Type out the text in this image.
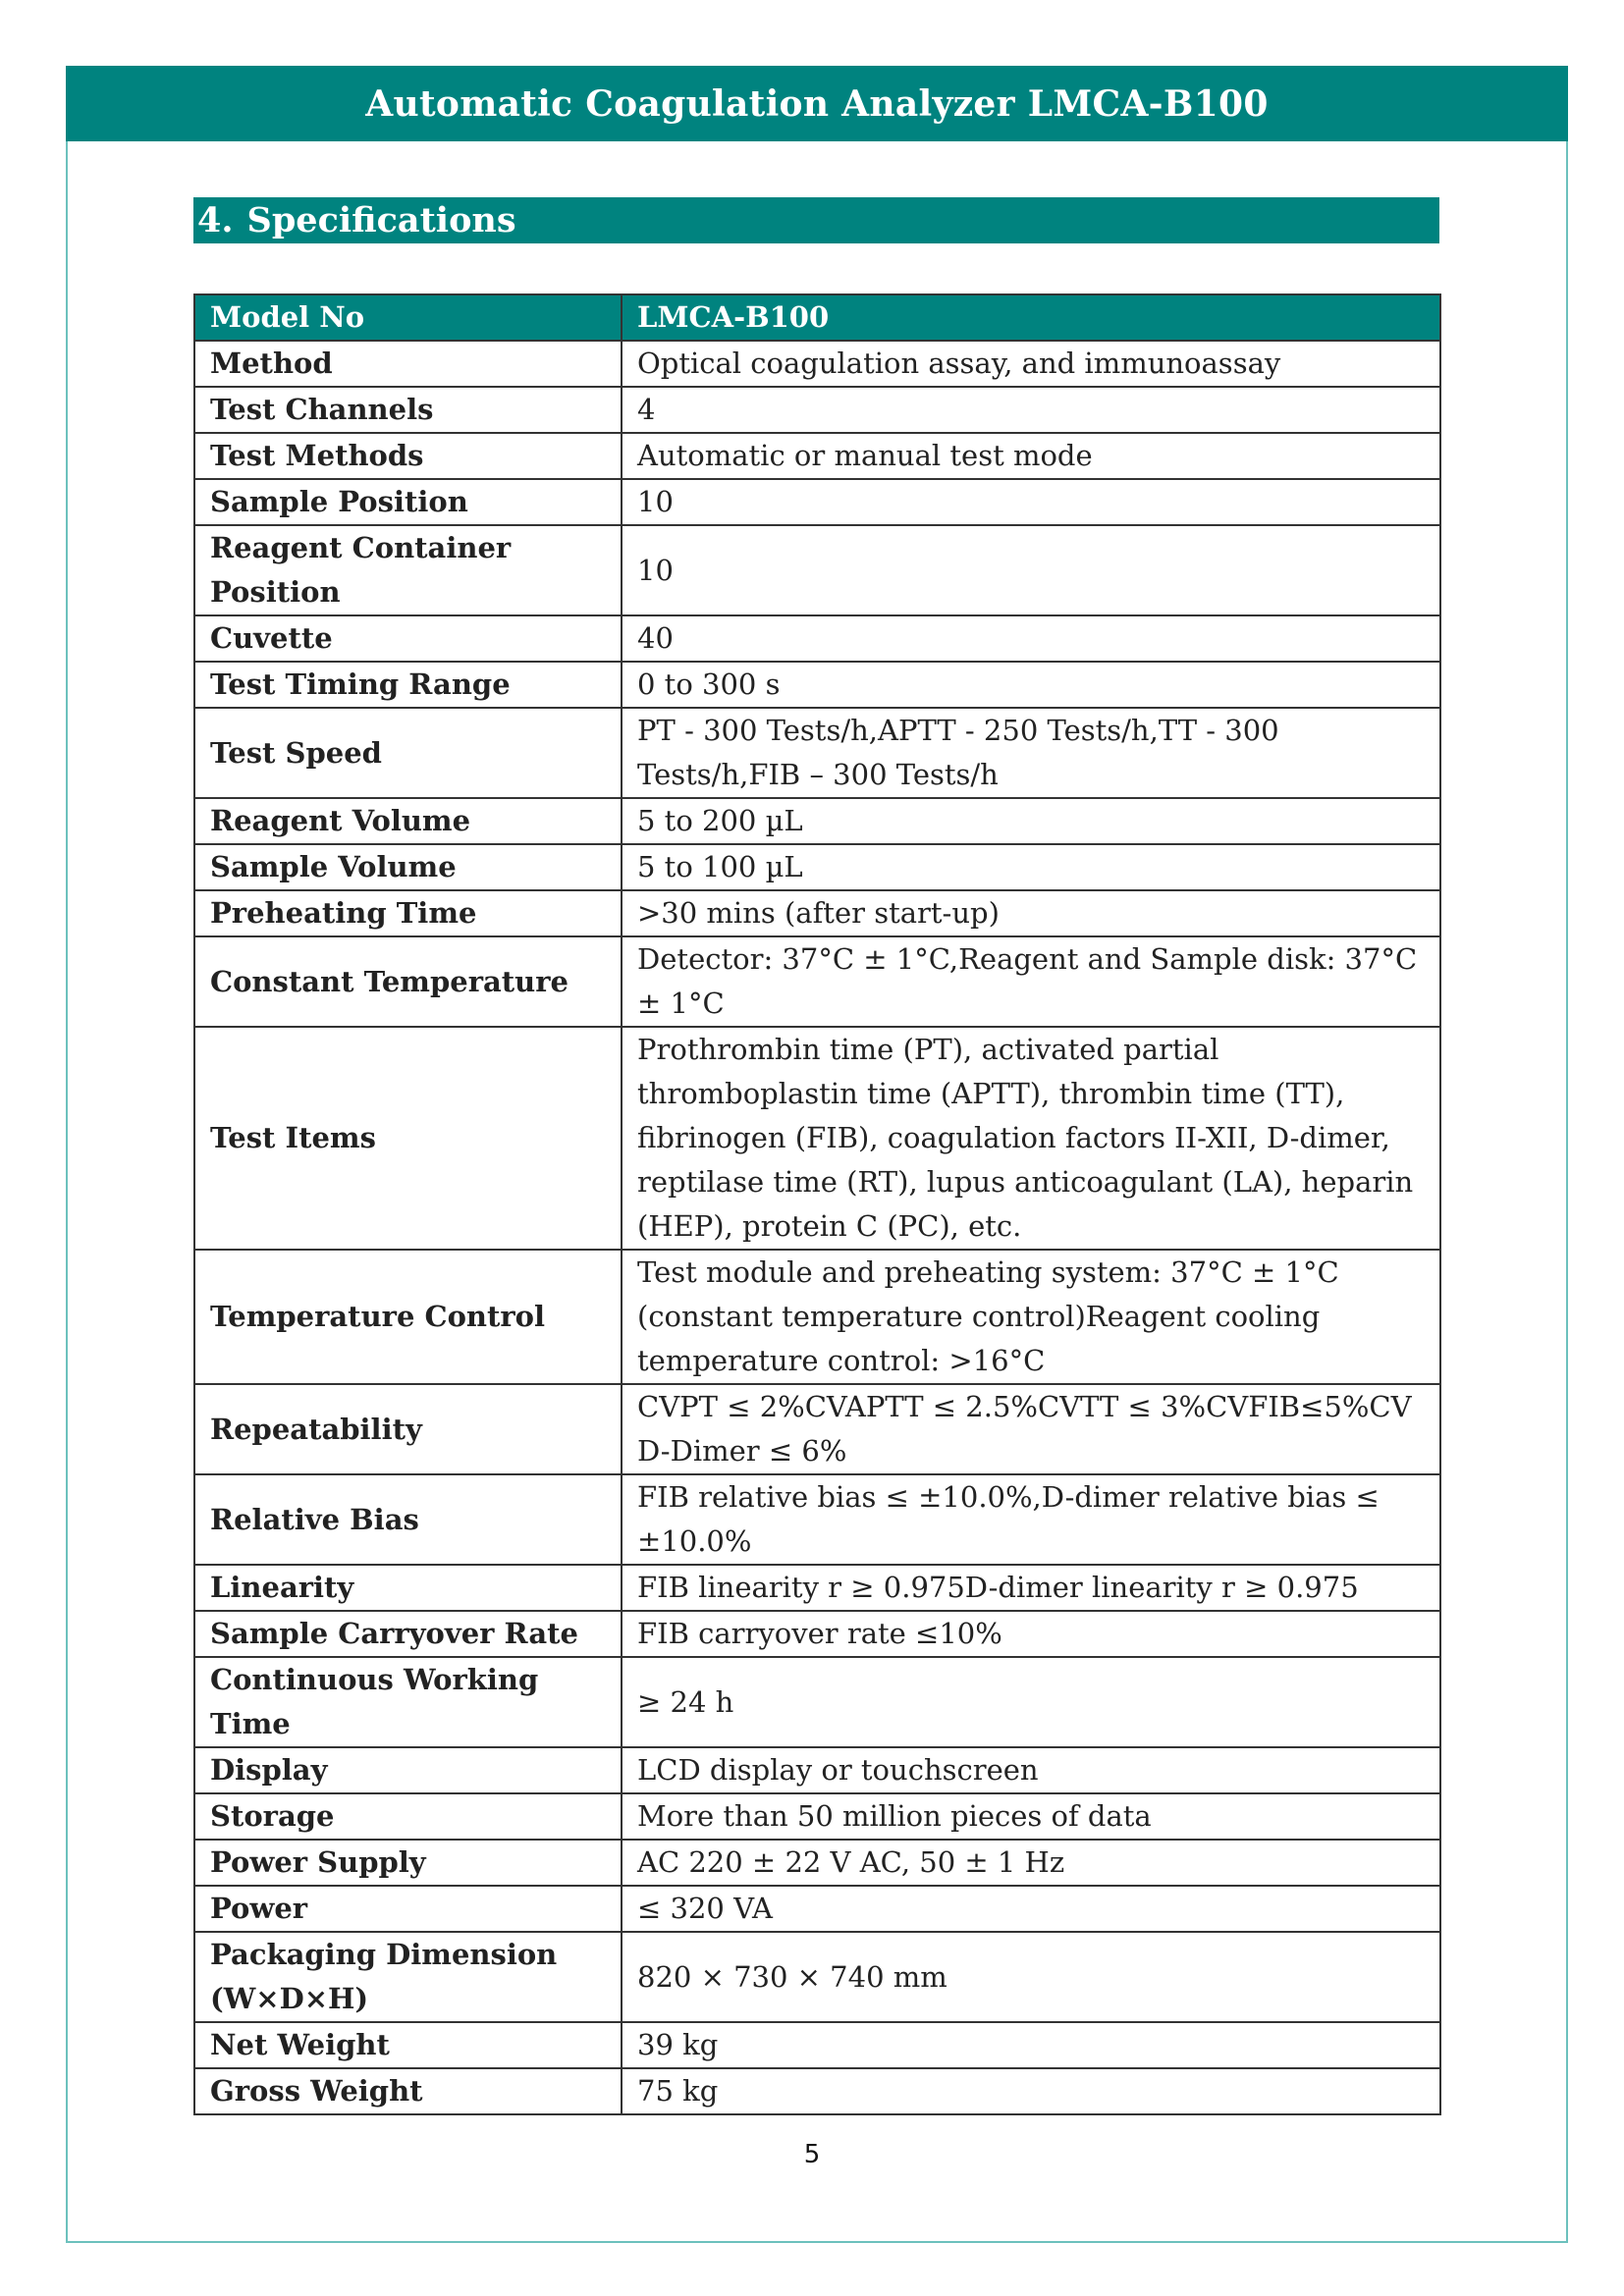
Automatic Coagulation Analyzer LMCA-B100
4. Specifications
Model No	LMCA-B100
Method	Optical coagulation assay, and immunoassay
Test Channels	4
Test Methods	Automatic or manual test mode
Sample Position	10
Reagent Container Position	10
Cuvette	40
Test Timing Range	0 to 300 s
Test Speed	PT - 300 Tests/h,APTT - 250 Tests/h,TT - 300 Tests/h,FIB – 300 Tests/h
Reagent Volume	5 to 200 µL
Sample Volume	5 to 100 µL
Preheating Time	>30 mins (after start-up)
Constant Temperature	Detector: 37°C ± 1°C,Reagent and Sample disk: 37°C ± 1°C
Test Items	Prothrombin time (PT), activated partial thromboplastin time (APTT), thrombin time (TT), fibrinogen (FIB), coagulation factors II-XII, D-dimer, reptilase time (RT), lupus anticoagulant (LA), heparin (HEP), protein C (PC), etc.
Temperature Control	Test module and preheating system: 37°C ± 1°C (constant temperature control)Reagent cooling temperature control: >16°C
Repeatability	CVPT ≤ 2%CVAPTT ≤ 2.5%CVTT ≤ 3%CVFIB≤5%CV D-Dimer ≤ 6%
Relative Bias	FIB relative bias ≤ ±10.0%,D-dimer relative bias ≤ ±10.0%
Linearity	FIB linearity r ≥ 0.975D-dimer linearity r ≥ 0.975
Sample Carryover Rate	FIB carryover rate ≤10%
Continuous Working Time	≥ 24 h
Display	LCD display or touchscreen
Storage	More than 50 million pieces of data
Power Supply	AC 220 ± 22 V AC, 50 ± 1 Hz
Power	≤ 320 VA
Packaging Dimension (W×D×H)	820 × 730 × 740 mm
Net Weight	39 kg
Gross Weight	75 kg
5
